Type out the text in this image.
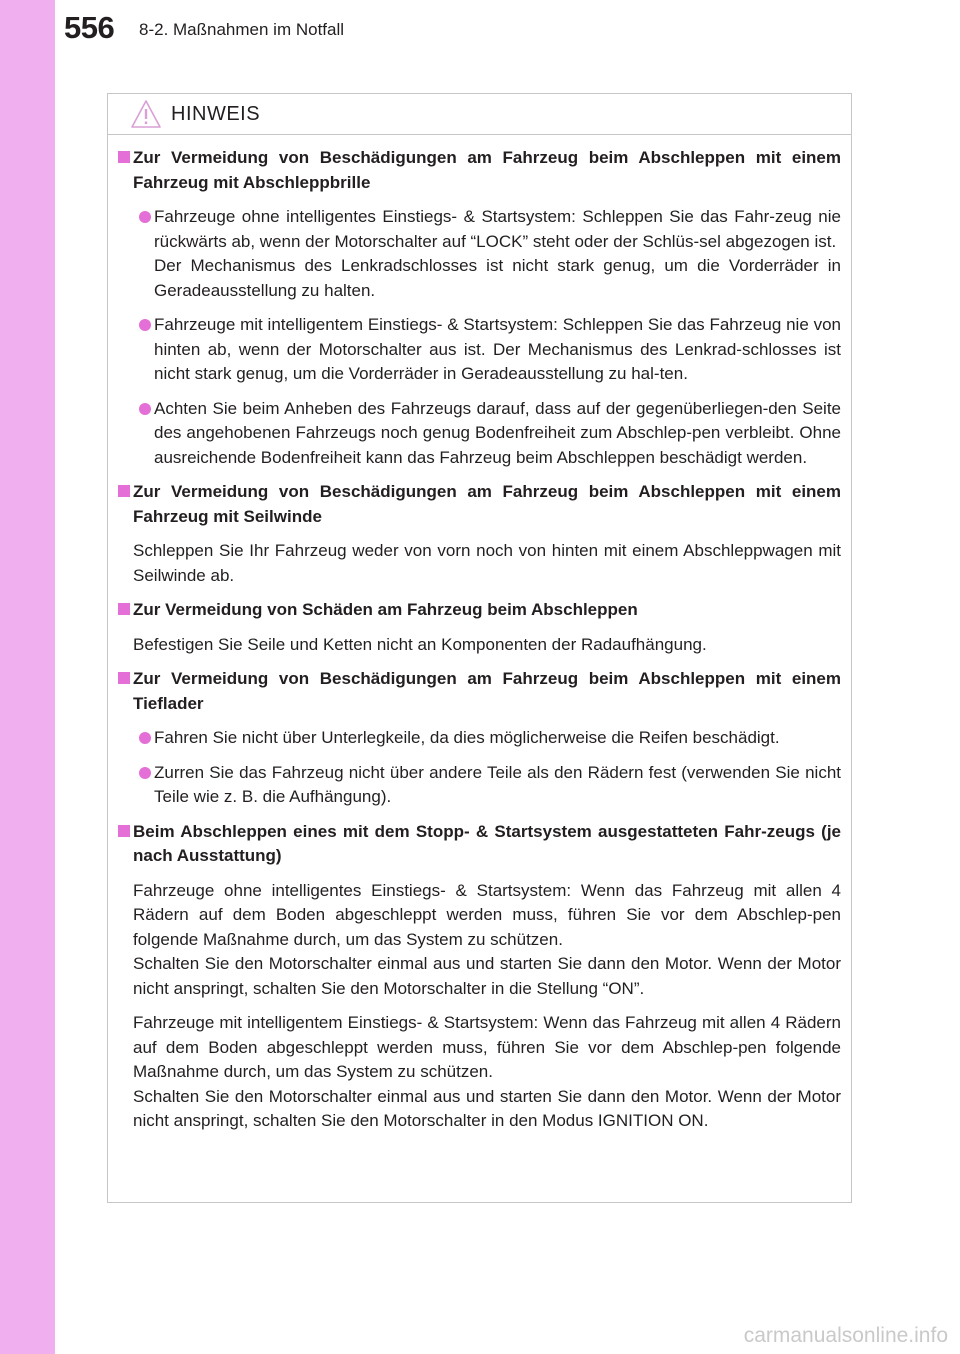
556 8-2. Maßnahmen im Notfall
HINWEIS
Zur Vermeidung von Beschädigungen am Fahrzeug beim Abschleppen mit einem Fahrzeug mit Abschleppbrille
Fahrzeuge ohne intelligentes Einstiegs- & Startsystem: Schleppen Sie das Fahr-zeug nie rückwärts ab, wenn der Motorschalter auf “LOCK” steht oder der Schlüs-sel abgezogen ist.
Der Mechanismus des Lenkradschlosses ist nicht stark genug, um die Vorderräder in Geradeausstellung zu halten.
Fahrzeuge mit intelligentem Einstiegs- & Startsystem: Schleppen Sie das Fahrzeug nie von hinten ab, wenn der Motorschalter aus ist. Der Mechanismus des Lenkrad-schlosses ist nicht stark genug, um die Vorderräder in Geradeausstellung zu hal-ten.
Achten Sie beim Anheben des Fahrzeugs darauf, dass auf der gegenüberliegen-den Seite des angehobenen Fahrzeugs noch genug Bodenfreiheit zum Abschlep-pen verbleibt. Ohne ausreichende Bodenfreiheit kann das Fahrzeug beim Abschleppen beschädigt werden.
Zur Vermeidung von Beschädigungen am Fahrzeug beim Abschleppen mit einem Fahrzeug mit Seilwinde
Schleppen Sie Ihr Fahrzeug weder von vorn noch von hinten mit einem Abschleppwagen mit Seilwinde ab.
Zur Vermeidung von Schäden am Fahrzeug beim Abschleppen
Befestigen Sie Seile und Ketten nicht an Komponenten der Radaufhängung.
Zur Vermeidung von Beschädigungen am Fahrzeug beim Abschleppen mit einem Tieflader
Fahren Sie nicht über Unterlegkeile, da dies möglicherweise die Reifen beschädigt.
Zurren Sie das Fahrzeug nicht über andere Teile als den Rädern fest (verwenden Sie nicht Teile wie z. B. die Aufhängung).
Beim Abschleppen eines mit dem Stopp- & Startsystem ausgestatteten Fahr-zeugs (je nach Ausstattung)
Fahrzeuge ohne intelligentes Einstiegs- & Startsystem: Wenn das Fahrzeug mit allen 4 Rädern auf dem Boden abgeschleppt werden muss, führen Sie vor dem Abschlep-pen folgende Maßnahme durch, um das System zu schützen.
Schalten Sie den Motorschalter einmal aus und starten Sie dann den Motor. Wenn der Motor nicht anspringt, schalten Sie den Motorschalter in die Stellung “ON”.
Fahrzeuge mit intelligentem Einstiegs- & Startsystem: Wenn das Fahrzeug mit allen 4 Rädern auf dem Boden abgeschleppt werden muss, führen Sie vor dem Abschlep-pen folgende Maßnahme durch, um das System zu schützen.
Schalten Sie den Motorschalter einmal aus und starten Sie dann den Motor. Wenn der Motor nicht anspringt, schalten Sie den Motorschalter in den Modus IGNITION ON.
carmanualsonline.info
